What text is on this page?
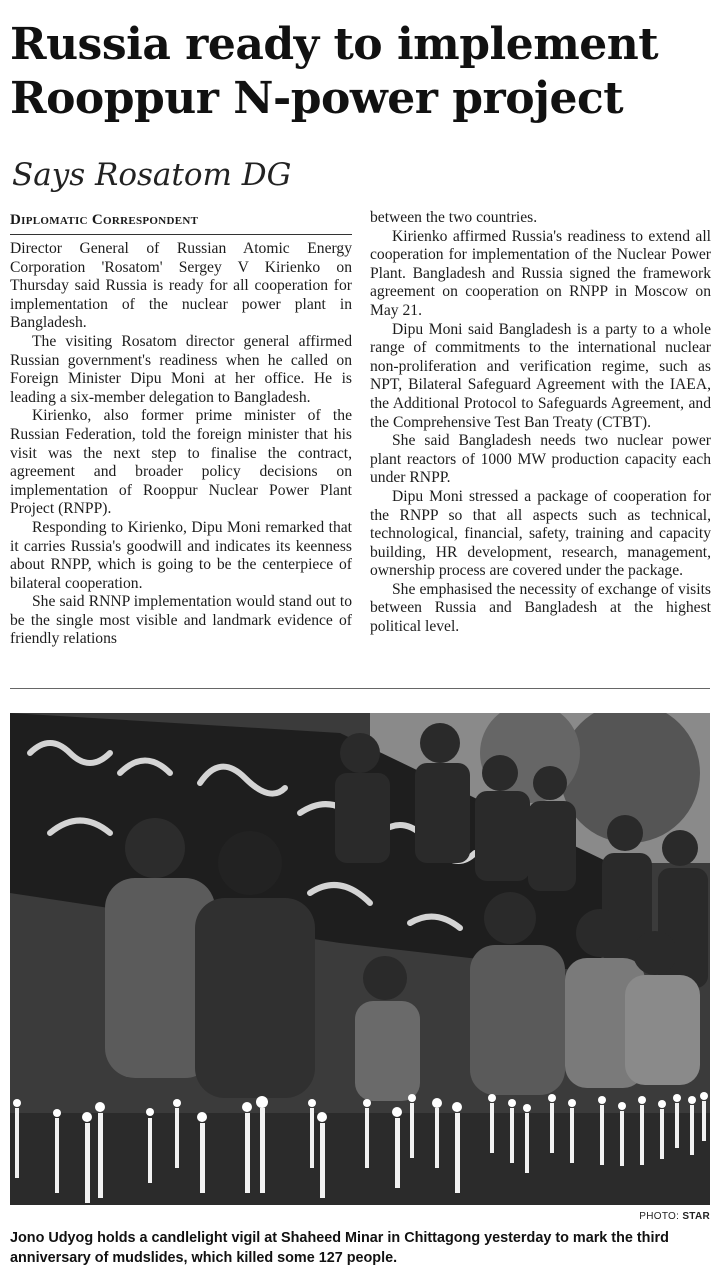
Russia ready to implement
Rooppur N-power project
Says Rosatom DG
Diplomatic Correspondent

Director General of Russian Atomic Energy Corporation 'Rosatom' Sergey V Kirienko on Thursday said Russia is ready for all cooperation for implementation of the nuclear power plant in Bangladesh.

The visiting Rosatom director general affirmed Russian government's readiness when he called on Foreign Minister Dipu Moni at her office. He is leading a six-member delegation to Bangladesh.

Kirienko, also former prime minister of the Russian Federation, told the foreign minister that his visit was the next step to finalise the contract, agreement and broader policy decisions on implementation of Rooppur Nuclear Power Plant Project (RNPP).

Responding to Kirienko, Dipu Moni remarked that it carries Russia's goodwill and indicates its keenness about RNPP, which is going to be the centerpiece of bilateral cooperation.

She said RNNP implementation would stand out to be the single most visible and landmark evidence of friendly relations

between the two countries.

Kirienko affirmed Russia's readiness to extend all cooperation for implementation of the Nuclear Power Plant. Bangladesh and Russia signed the framework agreement on cooperation on RNPP in Moscow on May 21.

Dipu Moni said Bangladesh is a party to a whole range of commitments to the international nuclear non-proliferation and verification regime, such as NPT, Bilateral Safeguard Agreement with the IAEA, the Additional Protocol to Safeguards Agreement, and the Comprehensive Test Ban Treaty (CTBT).

She said Bangladesh needs two nuclear power plant reactors of 1000 MW production capacity each under RNPP.

Dipu Moni stressed a package of cooperation for the RNPP so that all aspects such as technical, technological, financial, safety, training and capacity building, HR development, research, management, ownership process are covered under the package.

She emphasised the necessity of exchange of visits between Russia and Bangladesh at the highest political level.

PHOTO: STAR
Jono Udyog holds a candlelight vigil at Shaheed Minar in Chittagong yesterday to mark the third anniversary of mudslides, which killed some 127 people.
